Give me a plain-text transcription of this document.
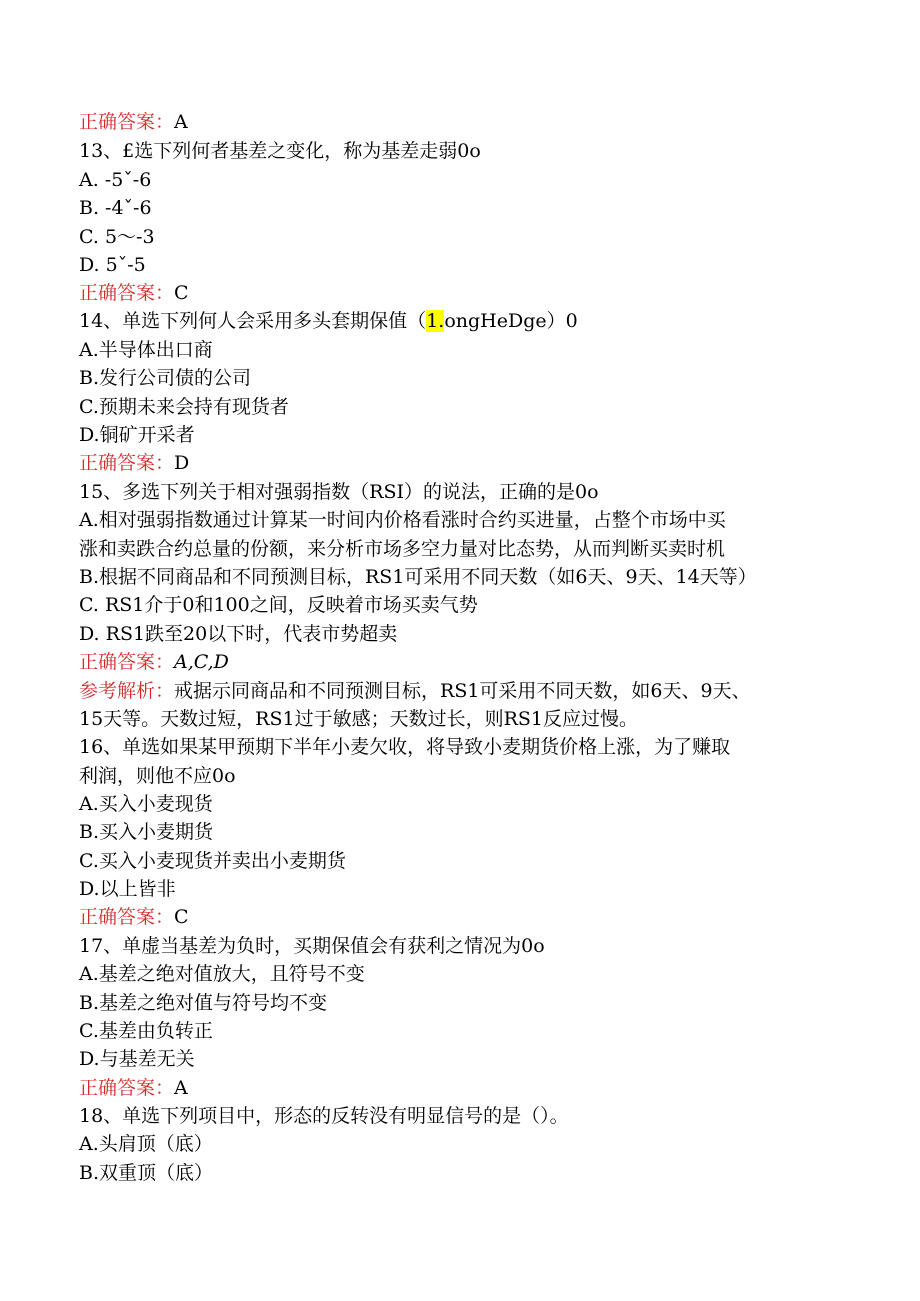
正确答案：A
13、£选下列何者基差之变化，称为基差走弱0o
A. -5ˇ-6
B. -4ˇ-6
C. 5～-3
D. 5ˇ-5
正确答案：C
14、单选下列何人会采用多头套期保值（1.ongHeDge）0
A.半导体出口商
B.发行公司债的公司
C.预期未来会持有现货者
D.铜矿开采者
正确答案：D
15、多选下列关于相对强弱指数（RSI）的说法，正确的是0o
A.相对强弱指数通过计算某一时间内价格看涨时合约买进量，占整个市场中买
涨和卖跌合约总量的份额，来分析市场多空力量对比态势，从而判断买卖时机
B.根据不同商品和不同预测目标，RS1可采用不同天数（如6天、9天、14天等）
C. RS1介于0和100之间，反映着市场买卖气势
D. RS1跌至20以下时，代表市势超卖
正确答案：A,C,D
参考解析：戒据示同商品和不同预测目标，RS1可采用不同天数，如6天、9天、
15天等。天数过短，RS1过于敏感；天数过长，则RS1反应过慢。
16、单选如果某甲预期下半年小麦欠收，将导致小麦期货价格上涨，为了赚取
利润，则他不应0o
A.买入小麦现货
B.买入小麦期货
C.买入小麦现货并卖出小麦期货
D.以上皆非
正确答案：C
17、单虚当基差为负时，买期保值会有获利之情况为0o
A.基差之绝对值放大，且符号不变
B.基差之绝对值与符号均不变
C.基差由负转正
D.与基差无关
正确答案：A
18、单选下列项目中，形态的反转没有明显信号的是（）。
A.头肩顶（底）
B.双重顶（底）
